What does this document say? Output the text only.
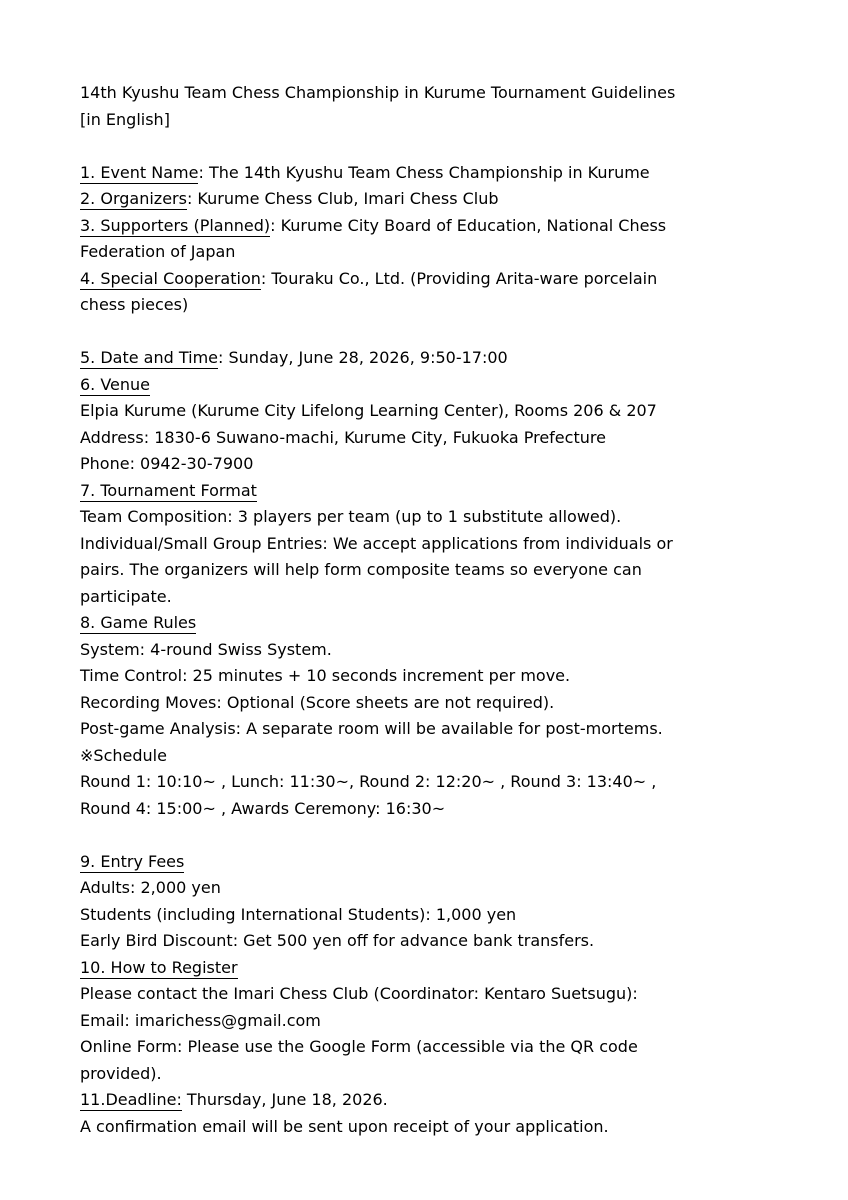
14th Kyushu Team Chess Championship in Kurume Tournament Guidelines
[in English]
1. Event Name: The 14th Kyushu Team Chess Championship in Kurume
2. Organizers: Kurume Chess Club, Imari Chess Club
3. Supporters (Planned): Kurume City Board of Education, National Chess
Federation of Japan
4. Special Cooperation: Touraku Co., Ltd. (Providing Arita-ware porcelain
chess pieces)
5. Date and Time: Sunday, June 28, 2026, 9:50-17:00
6. Venue
Elpia Kurume (Kurume City Lifelong Learning Center), Rooms 206 & 207
Address: 1830-6 Suwano-machi, Kurume City, Fukuoka Prefecture
Phone: 0942-30-7900
7. Tournament Format
Team Composition: 3 players per team (up to 1 substitute allowed).
Individual/Small Group Entries: We accept applications from individuals or
pairs. The organizers will help form composite teams so everyone can
participate.
8. Game Rules
System: 4-round Swiss System.
Time Control: 25 minutes + 10 seconds increment per move.
Recording Moves: Optional (Score sheets are not required).
Post-game Analysis: A separate room will be available for post-mortems.
※Schedule
Round 1: 10:10~ , Lunch: 11:30~, Round 2: 12:20~ , Round 3: 13:40~ ,
Round 4: 15:00~ , Awards Ceremony: 16:30~
9. Entry Fees
Adults: 2,000 yen
Students (including International Students): 1,000 yen
Early Bird Discount: Get 500 yen off for advance bank transfers.
10. How to Register
Please contact the Imari Chess Club (Coordinator: Kentaro Suetsugu):
Email: imarichess@gmail.com
Online Form: Please use the Google Form (accessible via the QR code
provided).
11.Deadline: Thursday, June 18, 2026.
A confirmation email will be sent upon receipt of your application.
